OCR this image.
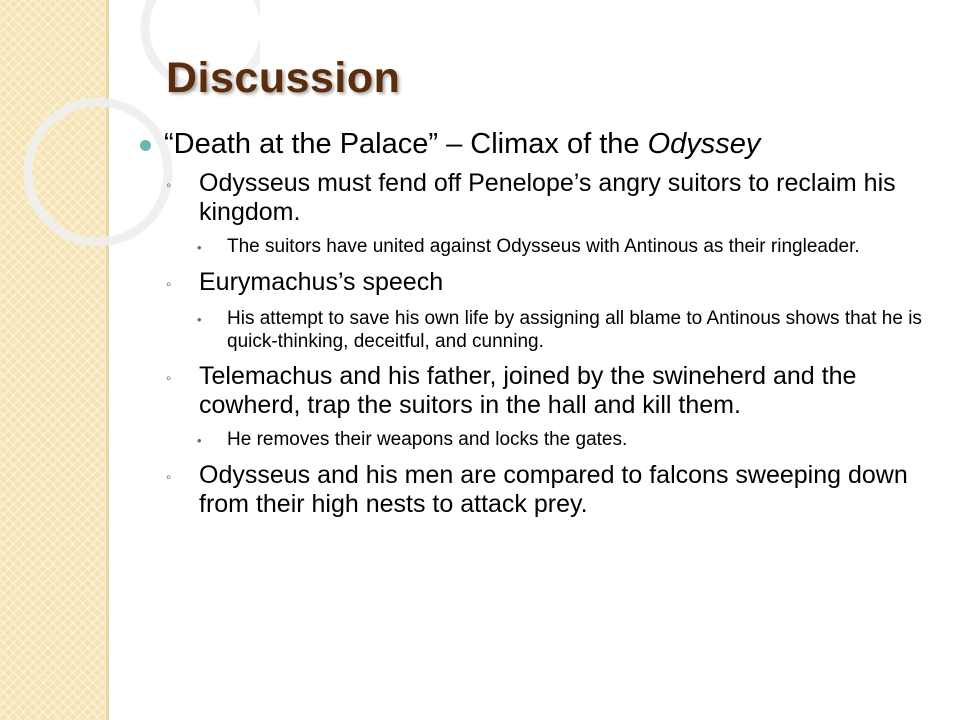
Discussion
“Death at the Palace” – Climax of the Odyssey
◦	Odysseus must fend off Penelope’s angry suitors to reclaim his kingdom.
•	The suitors have united against Odysseus with Antinous as their ringleader.
◦	Eurymachus’s speech
•	His attempt to save his own life by assigning all blame to Antinous shows that he is quick-thinking, deceitful, and cunning.
◦	Telemachus and his father, joined by the swineherd and the cowherd, trap the suitors in the hall and kill them.
•	He removes their weapons and locks the gates.
◦	Odysseus and his men are compared to falcons sweeping down from their high nests to attack prey.
